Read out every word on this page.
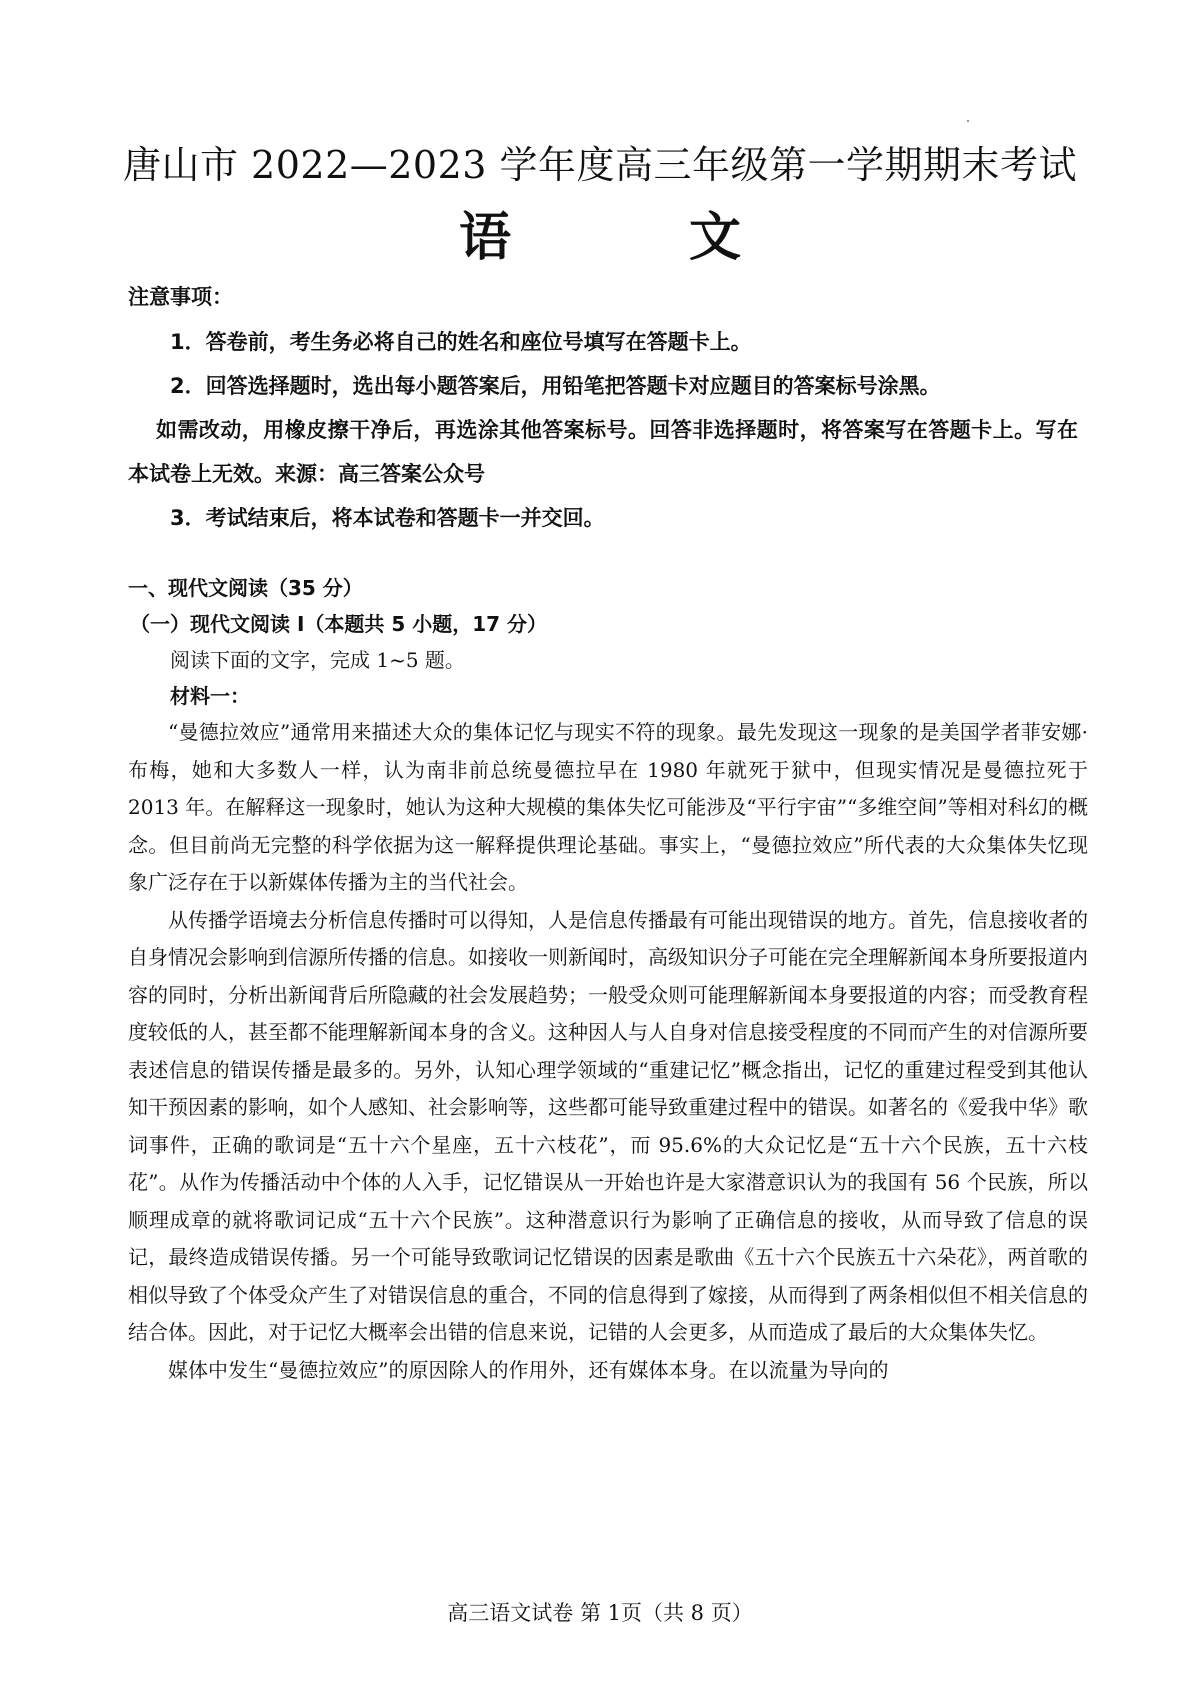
唐山市 2022—2023 学年度高三年级第一学期期末考试
语 文
注意事项：

1．答卷前，考生务必将自己的姓名和座位号填写在答题卡上。

2．回答选择题时，选出每小题答案后，用铅笔把答题卡对应题目的答案标号涂黑。

如需改动，用橡皮擦干净后，再选涂其他答案标号。回答非选择题时，将答案写在答题卡上。写在本试卷上无效。来源：高三答案公众号

3．考试结束后，将本试卷和答题卡一并交回。

一、现代文阅读（35 分）

（一）现代文阅读 I（本题共 5 小题，17 分）

阅读下面的文字，完成 1~5 题。

材料一：

“曼德拉效应”通常用来描述大众的集体记忆与现实不符的现象。最先发现这一现象的是美国学者菲安娜·布梅，她和大多数人一样，认为南非前总统曼德拉早在 1980 年就死于狱中，但现实情况是曼德拉死于 2013 年。在解释这一现象时，她认为这种大规模的集体失忆可能涉及“平行宇宙”“多维空间”等相对科幻的概念。但目前尚无完整的科学依据为这一解释提供理论基础。事实上，“曼德拉效应”所代表的大众集体失忆现象广泛存在于以新媒体传播为主的当代社会。

从传播学语境去分析信息传播时可以得知，人是信息传播最有可能出现错误的地方。首先，信息接收者的自身情况会影响到信源所传播的信息。如接收一则新闻时，高级知识分子可能在完全理解新闻本身所要报道内容的同时，分析出新闻背后所隐藏的社会发展趋势；一般受众则可能理解新闻本身要报道的内容；而受教育程度较低的人，甚至都不能理解新闻本身的含义。这种因人与人自身对信息接受程度的不同而产生的对信源所要表述信息的错误传播是最多的。另外，认知心理学领域的“重建记忆”概念指出，记忆的重建过程受到其他认知干预因素的影响，如个人感知、社会影响等，这些都可能导致重建过程中的错误。如著名的《爱我中华》歌词事件，正确的歌词是“五十六个星座，五十六枝花”，而 95.6%的大众记忆是“五十六个民族，五十六枝花”。从作为传播活动中个体的人入手，记忆错误从一开始也许是大家潜意识认为的我国有 56 个民族，所以顺理成章的就将歌词记成“五十六个民族”。这种潜意识行为影响了正确信息的接收，从而导致了信息的误记，最终造成错误传播。另一个可能导致歌词记忆错误的因素是歌曲《五十六个民族五十六朵花》，两首歌的相似导致了个体受众产生了对错误信息的重合，不同的信息得到了嫁接，从而得到了两条相似但不相关信息的结合体。因此，对于记忆大概率会出错的信息来说，记错的人会更多，从而造成了最后的大众集体失忆。

媒体中发生“曼德拉效应”的原因除人的作用外，还有媒体本身。在以流量为导向的

高三语文试卷 第 1页（共 8 页）
